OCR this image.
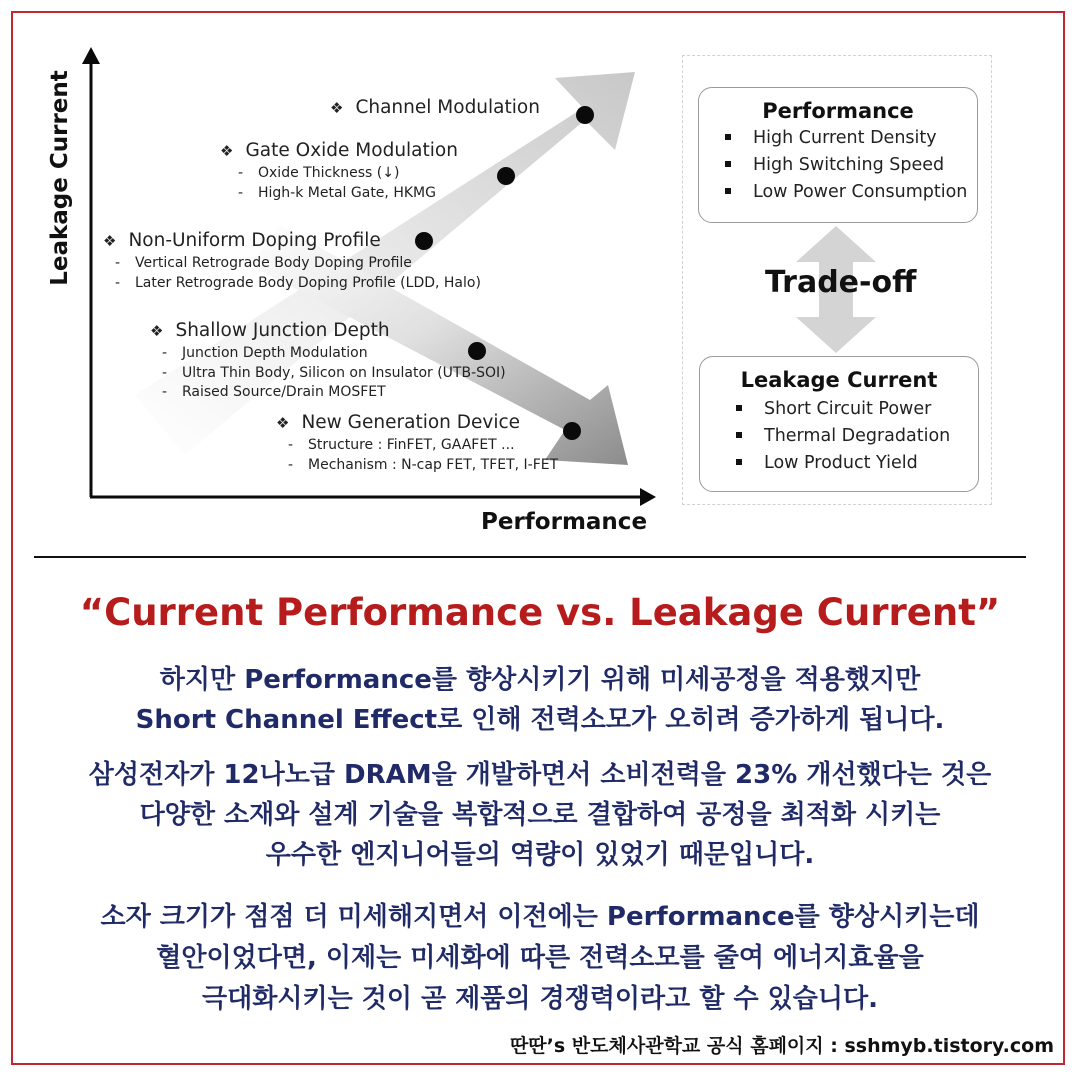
Leakage Current
Performance
❖ Channel Modulation
❖ Gate Oxide Modulation
- Oxide Thickness (↓)
- High-k Metal Gate, HKMG
❖ Non-Uniform Doping Profile
- Vertical Retrograde Body Doping Profile
- Later Retrograde Body Doping Profile (LDD, Halo)
❖ Shallow Junction Depth
- Junction Depth Modulation
- Ultra Thin Body, Silicon on Insulator (UTB-SOI)
- Raised Source/Drain MOSFET
❖ New Generation Device
- Structure : FinFET, GAAFET ...
- Mechanism : N-cap FET, TFET, I-FET
Performance
High Current Density
High Switching Speed
Low Power Consumption
Trade-off
Leakage Current
Short Circuit Power
Thermal Degradation
Low Product Yield
“Current Performance vs. Leakage Current”
하지만 Performance를 향상시키기 위해 미세공정을 적용했지만
Short Channel Effect로 인해 전력소모가 오히려 증가하게 됩니다.
삼성전자가 12나노급 DRAM을 개발하면서 소비전력을 23% 개선했다는 것은
다양한 소재와 설계 기술을 복합적으로 결합하여 공정을 최적화 시키는
우수한 엔지니어들의 역량이 있었기 때문입니다.
소자 크기가 점점 더 미세해지면서 이전에는 Performance를 향상시키는데
혈안이었다면, 이제는 미세화에 따른 전력소모를 줄여 에너지효율을
극대화시키는 것이 곧 제품의 경쟁력이라고 할 수 있습니다.
딴딴’s 반도체사관학교 공식 홈페이지 : sshmyb.tistory.com
